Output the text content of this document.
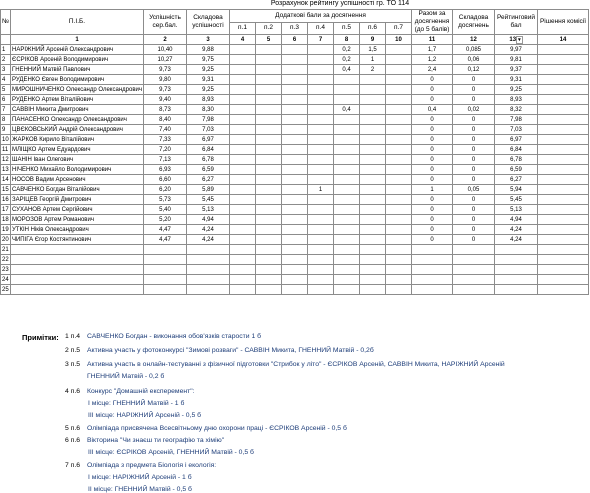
Розрахунок рейтингу успішності гр. ТО 114
№	П.І.Б.	Успішність сер.бал.	Складова успішності	Додаткові бали за досягнення							Разом за досягнення (до 5 балів)	Складова досягнень	Рейтинговий бал	Рішення комісії
				п.1	п.2	п.3	п.4	п.5	п.6	п.7				
	1	2	3	4	5	6	7	8	9	10	11	12	13 ▾	14
1	НАРІЖНИЙ Арсеній Олександрович	10,40	9,88					0,2	1,5		1,7	0,085	9,97	
2	ЄСРІКОВ Арсеній Володимирович	10,27	9,75					0,2	1		1,2	0,06	9,81	
3	ГНЕННИЙ Матвій Павлович	9,73	9,25					0,4	2		2,4	0,12	9,37	
4	РУДЕНКО Євген Володимирович	9,80	9,31								0	0	9,31	
5	МИРОШНИЧЕНКО Олександр Олександрович	9,73	9,25								0	0	9,25	
6	РУДЕНКО Артем Віталійович	9,40	8,93								0	0	8,93	
7	САВВІН Микита Дмитрович	8,73	8,30					0,4			0,4	0,02	8,32	
8	ПАНАСЕНКО Олександр Олександрович	8,40	7,98								0	0	7,98	
9	ЦВЄКОВСЬКИЙ Андрій Олександрович	7,40	7,03								0	0	7,03	
10	ЖАРКОВ Кирило Віталійович	7,33	6,97								0	0	6,97	
11	МЛІЩКО Артем Едуардович	7,20	6,84								0	0	6,84	
12	ШАНІН Іван Олегович	7,13	6,78								0	0	6,78	
13	НІЧЕНКО Михайло Володимирович	6,93	6,59								0	0	6,59	
14	НОСОВ Вадим Арсенович	6,60	6,27								0	0	6,27	
15	САВЧЕНКО Богдан Віталійович	6,20	5,89				1				1	0,05	5,94	
16	ЗАРІЦЕВ Георгій Дмитрович	5,73	5,45								0	0	5,45	
17	СУХАНОВ Артем Сергійович	5,40	5,13								0	0	5,13	
18	МОРОЗОВ Артем Романович	5,20	4,94								0	0	4,94	
19	УТКІН Ніків Олександрович	4,47	4,24								0	0	4,24	
20	ЧИПІГА Єгор Костянтинович	4,47	4,24								0	0	4,24	
21														
22														
23														
24														
25														
Примітки: 1 п.4 САВЧЕНКО Богдан - виконання обов'язків старости 1 б
2 п.5 Активна участь у фотоконкурсі "Зимові розваги" - САВВІН Микита, ГНЕННИЙ Матвій - 0,2б
3 п.5 Активна участь в онлайн-тестуванні з фізичної підготовки "Стрибок у літо" - ЄСРІКОВ Арсеній, САВВІН Микита, НАРІЖНИЙ Арсеній
ГНЕННИЙ Матвій - 0,2 б
4 п.6 Конкурс "Домашній експеремент":
I місце: ГНЕННИЙ Матвій - 1 б
III місце: НАРІЖНИЙ Арсеній - 0,5 б
5 п.6 Олімпіада присвячена Всесвітньому дню охорони праці - ЄСРІКОВ Арсеній - 0,5 б
6 п.6 Вікторина "Чи знаєш ти географію та хімію"
III місце: ЄСРІКОВ Арсеній, ГНЕННИЙ Матвій - 0,5 б
7 п.6 Олімпіада з предмета Біологія і екологія:
I місце: НАРІЖНИЙ Арсеній - 1 б
II місце: ГНЕННИЙ Матвій - 0,5 б
